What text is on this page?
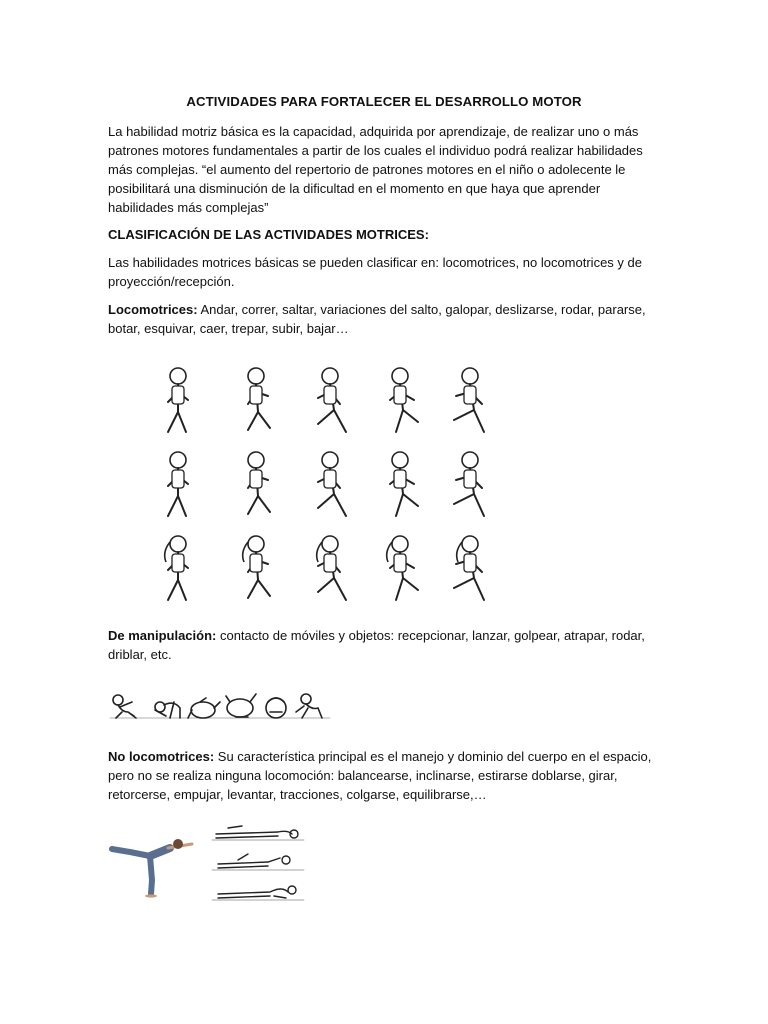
ACTIVIDADES PARA FORTALECER EL DESARROLLO MOTOR
La habilidad motriz básica es la capacidad, adquirida por aprendizaje, de realizar uno o más patrones motores fundamentales a partir de los cuales el individuo podrá realizar habilidades más complejas. “el aumento del repertorio de patrones motores en el niño o adolecente le posibilitará una disminución de la dificultad en el momento en que haya que aprender habilidades más complejas”
CLASIFICACIÓN DE LAS ACTIVIDADES MOTRICES:
Las habilidades motrices básicas se pueden clasificar en: locomotrices, no locomotrices y de proyección/recepción.
Locomotrices: Andar, correr, saltar, variaciones del salto, galopar, deslizarse, rodar, pararse, botar, esquivar, caer, trepar, subir, bajar…
De manipulación: contacto de móviles y objetos: recepcionar, lanzar, golpear, atrapar, rodar, driblar, etc.
No locomotrices: Su característica principal es el manejo y dominio del cuerpo en el espacio, pero no se realiza ninguna locomoción: balancearse, inclinarse, estirarse doblarse, girar, retorcerse, empujar, levantar, tracciones, colgarse, equilibrarse,…
